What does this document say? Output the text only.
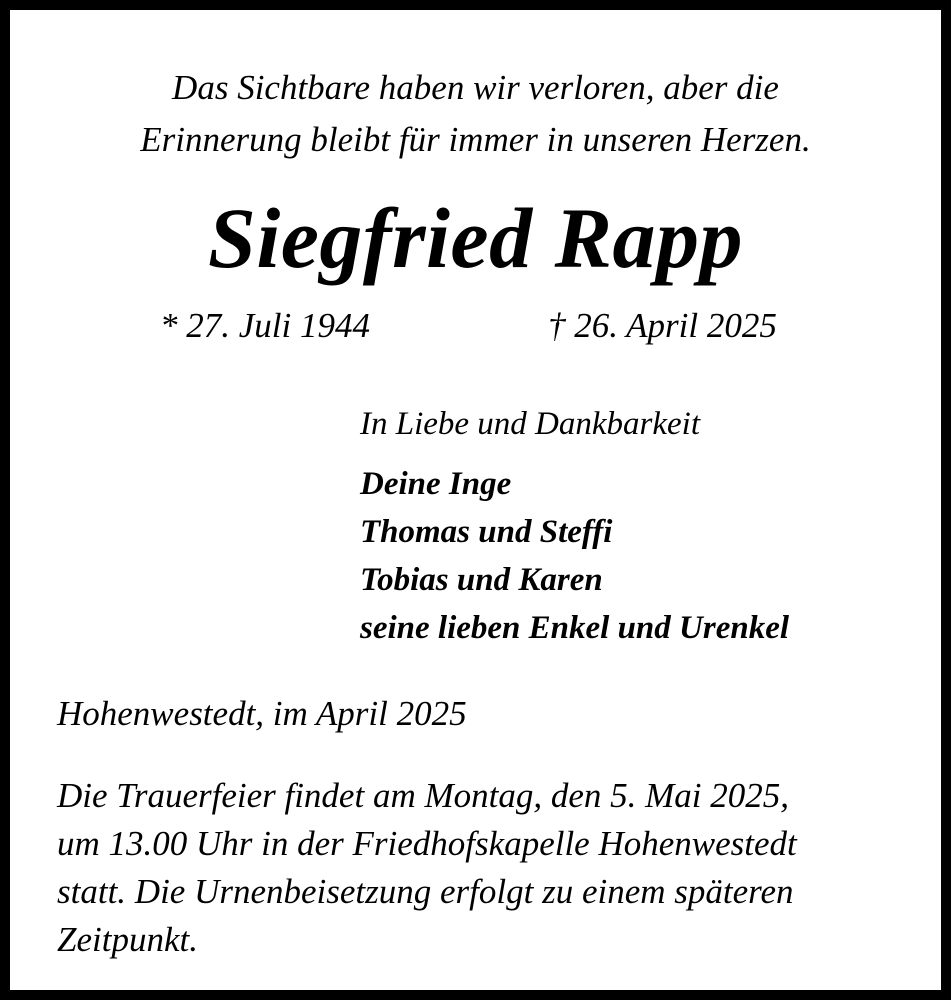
Das Sichtbare haben wir verloren, aber die
Erinnerung bleibt für immer in unseren Herzen.
Siegfried Rapp
* 27. Juli 1944	† 26. April 2025
In Liebe und Dankbarkeit
Deine Inge
Thomas und Steffi
Tobias und Karen
seine lieben Enkel und Urenkel
Hohenwestedt, im April 2025
Die Trauerfeier findet am Montag, den 5. Mai 2025,
um 13.00 Uhr in der Friedhofskapelle Hohenwestedt
statt. Die Urnenbeisetzung erfolgt zu einem späteren
Zeitpunkt.
